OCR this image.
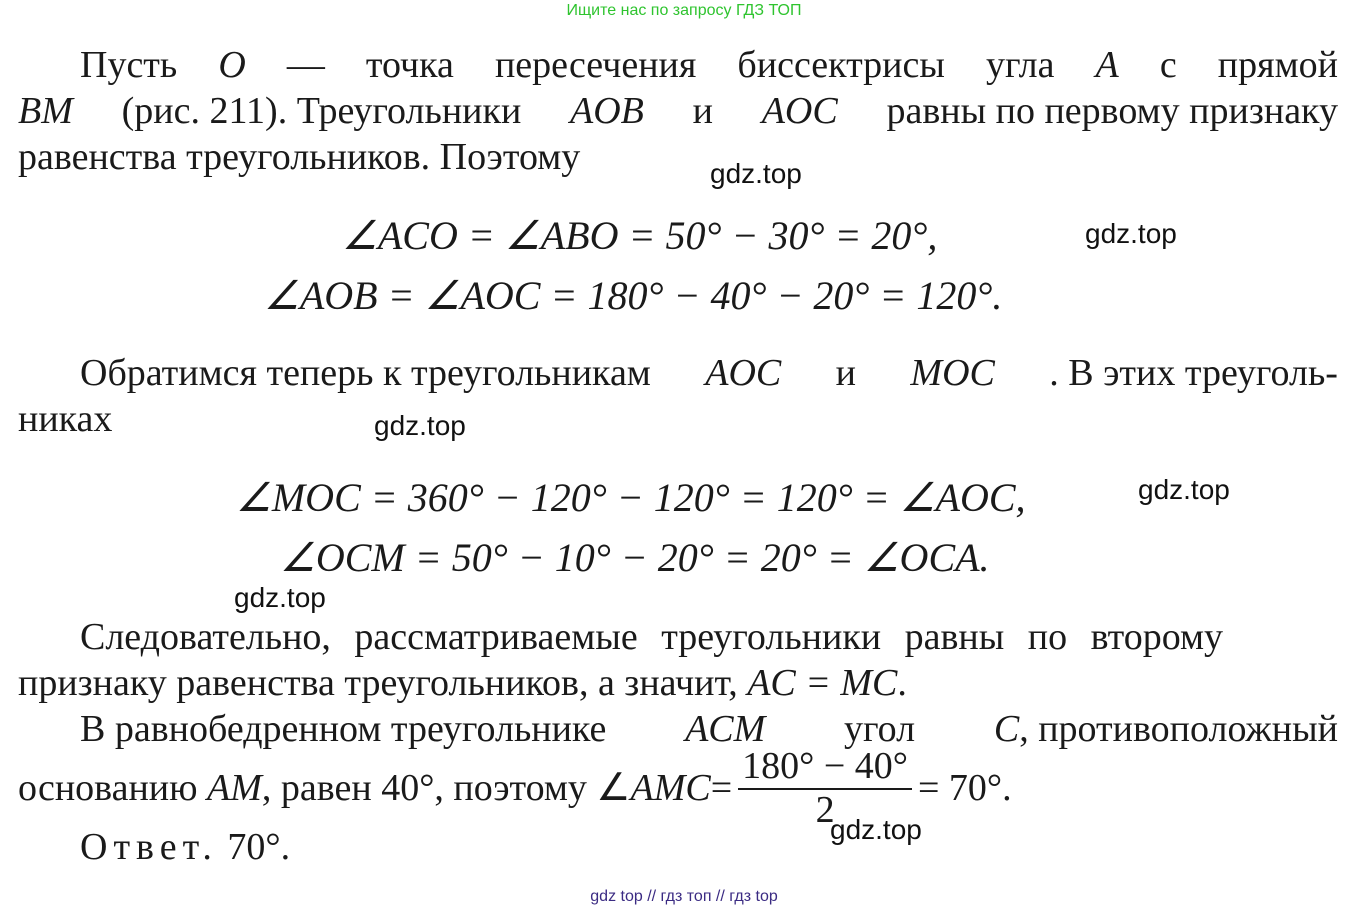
Ищите нас по запросу ГДЗ ТОП
Пусть O — точка пересечения биссектрисы угла A с прямой
BM (рис. 211). Треугольники AOB и AOC равны по первому признаку
равенства треугольников. Поэтому	gdz.top
∠ACO = ∠ABO = 50° − 30° = 20°,	gdz.top
∠AOB = ∠AOC = 180° − 40° − 20° = 120°.
Обратимся теперь к треугольникам AOC и MOC . В этих треуголь-
никах	gdz.top
∠MOC = 360° − 120° − 120° = 120° = ∠AOC,	gdz.top
∠OCM = 50° − 10° − 20° = 20° = ∠OCA.
gdz.top
Следовательно, рассматриваемые треугольники равны по второму
признаку равенства треугольников, а значит, AC = MC.
В равнобедренном треугольнике ACM угол C, противоположный
основанию
AM , равен 40°, поэтому ∠ AMC = $\frac{180^\circ - 40^\circ}{2} = 70^\circ$.
gdz.top
Ответ. 70°.
gdz top // гдз топ // гдз top
